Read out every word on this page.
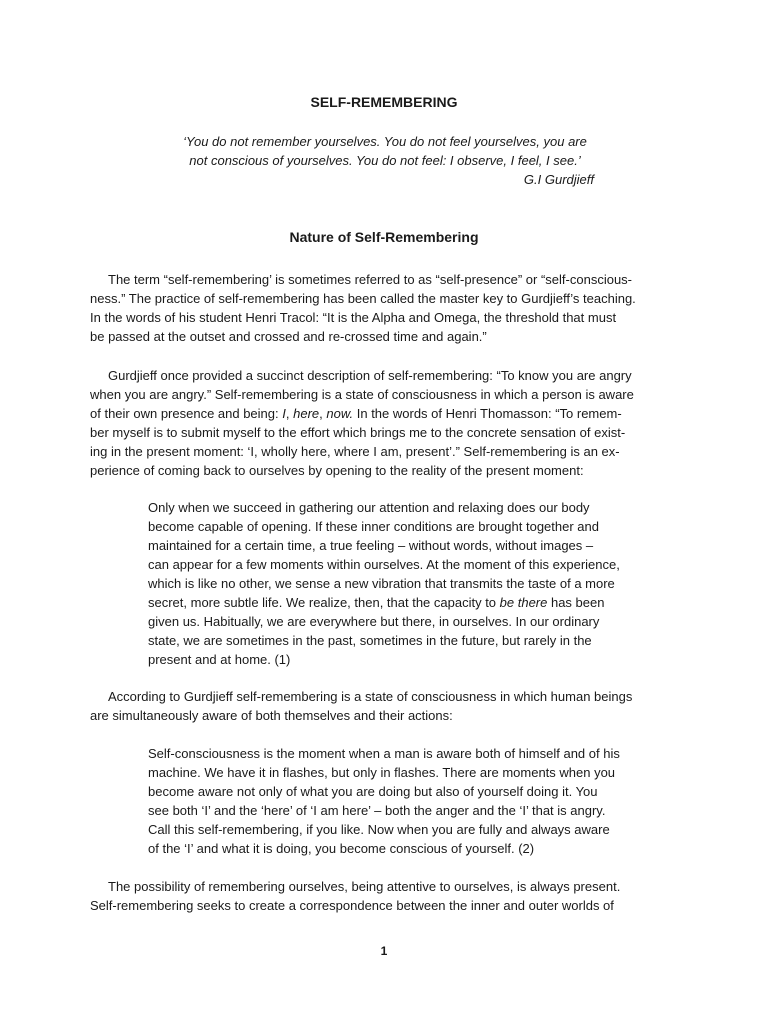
SELF-REMEMBERING
‘You do not remember yourselves. You do not feel yourselves, you are
not conscious of yourselves. You do not feel: I observe, I feel, I see.’
G.I Gurdjieff
Nature of Self-Remembering
The term “self-remembering’ is sometimes referred to as “self-presence” or “self-conscious-
ness.” The practice of self-remembering has been called the master key to Gurdjieff’s teaching.
In the words of his student Henri Tracol: “It is the Alpha and Omega, the threshold that must
be passed at the outset and crossed and re-crossed time and again.”
Gurdjieff once provided a succinct description of self-remembering: “To know you are angry
when you are angry.” Self-remembering is a state of consciousness in which a person is aware
of their own presence and being: I, here, now. In the words of Henri Thomasson: “To remem-
ber myself is to submit myself to the effort which brings me to the concrete sensation of exist-
ing in the present moment: ‘I, wholly here, where I am, present’.” Self-remembering is an ex-
perience of coming back to ourselves by opening to the reality of the present moment:
Only when we succeed in gathering our attention and relaxing does our body
become capable of opening. If these inner conditions are brought together and
maintained for a certain time, a true feeling – without words, without images –
can appear for a few moments within ourselves. At the moment of this experience,
which is like no other, we sense a new vibration that transmits the taste of a more
secret, more subtle life. We realize, then, that the capacity to be there has been
given us. Habitually, we are everywhere but there, in ourselves. In our ordinary
state, we are sometimes in the past, sometimes in the future, but rarely in the
present and at home. (1)
According to Gurdjieff self-remembering is a state of consciousness in which human beings
are simultaneously aware of both themselves and their actions:
Self-consciousness is the moment when a man is aware both of himself and of his
machine. We have it in flashes, but only in flashes. There are moments when you
become aware not only of what you are doing but also of yourself doing it. You
see both ‘I’ and the ‘here’ of ‘I am here’ – both the anger and the ‘I’ that is angry.
Call this self-remembering, if you like. Now when you are fully and always aware
of the ‘I’ and what it is doing, you become conscious of yourself. (2)
The possibility of remembering ourselves, being attentive to ourselves, is always present.
Self-remembering seeks to create a correspondence between the inner and outer worlds of
1
